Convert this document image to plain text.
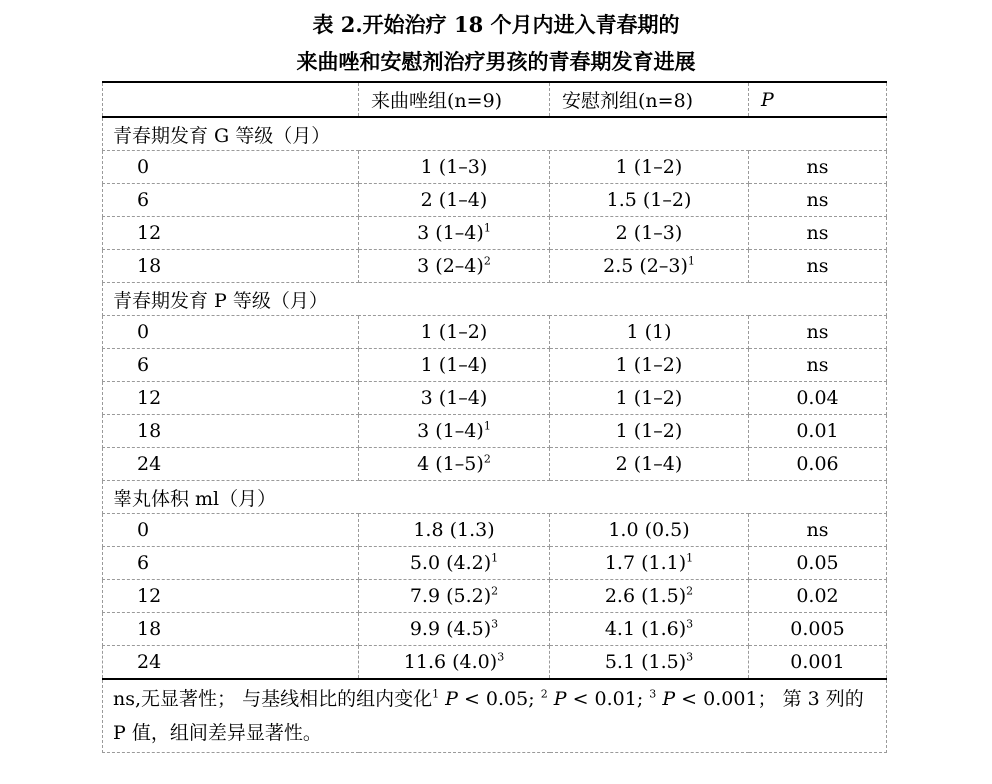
表 2.开始治疗 18 个月内进入青春期的
来曲唑和安慰剂治疗男孩的青春期发育进展
	来曲唑组(n=9)	安慰剂组(n=8)	P
青春期发育 G 等级（月）			
0	1 (1–3)	1 (1–2)	ns
6	2 (1–4)	1.5 (1–2)	ns
12	3 $(1-4)^1$	2 (1–3)	ns
18	3 $(2-4)^2$	2.5 $(2-3)^1$	ns
青春期发育 P 等级（月）			
0	1 (1–2)	1 (1)	ns
6	1 (1–4)	1 (1–2)	ns
12	3 (1–4)	1 (1–2)	0.04
18	3 $(1-4)^1$	1 (1–2)	0.01
24	4 $(1-5)^2$	2 (1–4)	0.06
睾丸体积 ml（月）			
0	1.8 (1.3)	1.0 (0.5)	ns
6	5.0 $(4.2)^1$	1.7 $(1.1)^1$	0.05
12	7.9 $(5.2)^2$	2.6 $(1.5)^2$	0.02
18	9.9 $(4.5)^3$	4.1 $(1.6)^3$	0.005
24	11.6 $(4.0)^3$	5.1 $(1.5)^3$	0.001
ns,无显著性； 与基线相比的组内变化$^1$ P < 0.05; $^2$ P < 0.01; $^3$ P < 0.001； 第 3 列的 P 值，组间差异显著性。			
